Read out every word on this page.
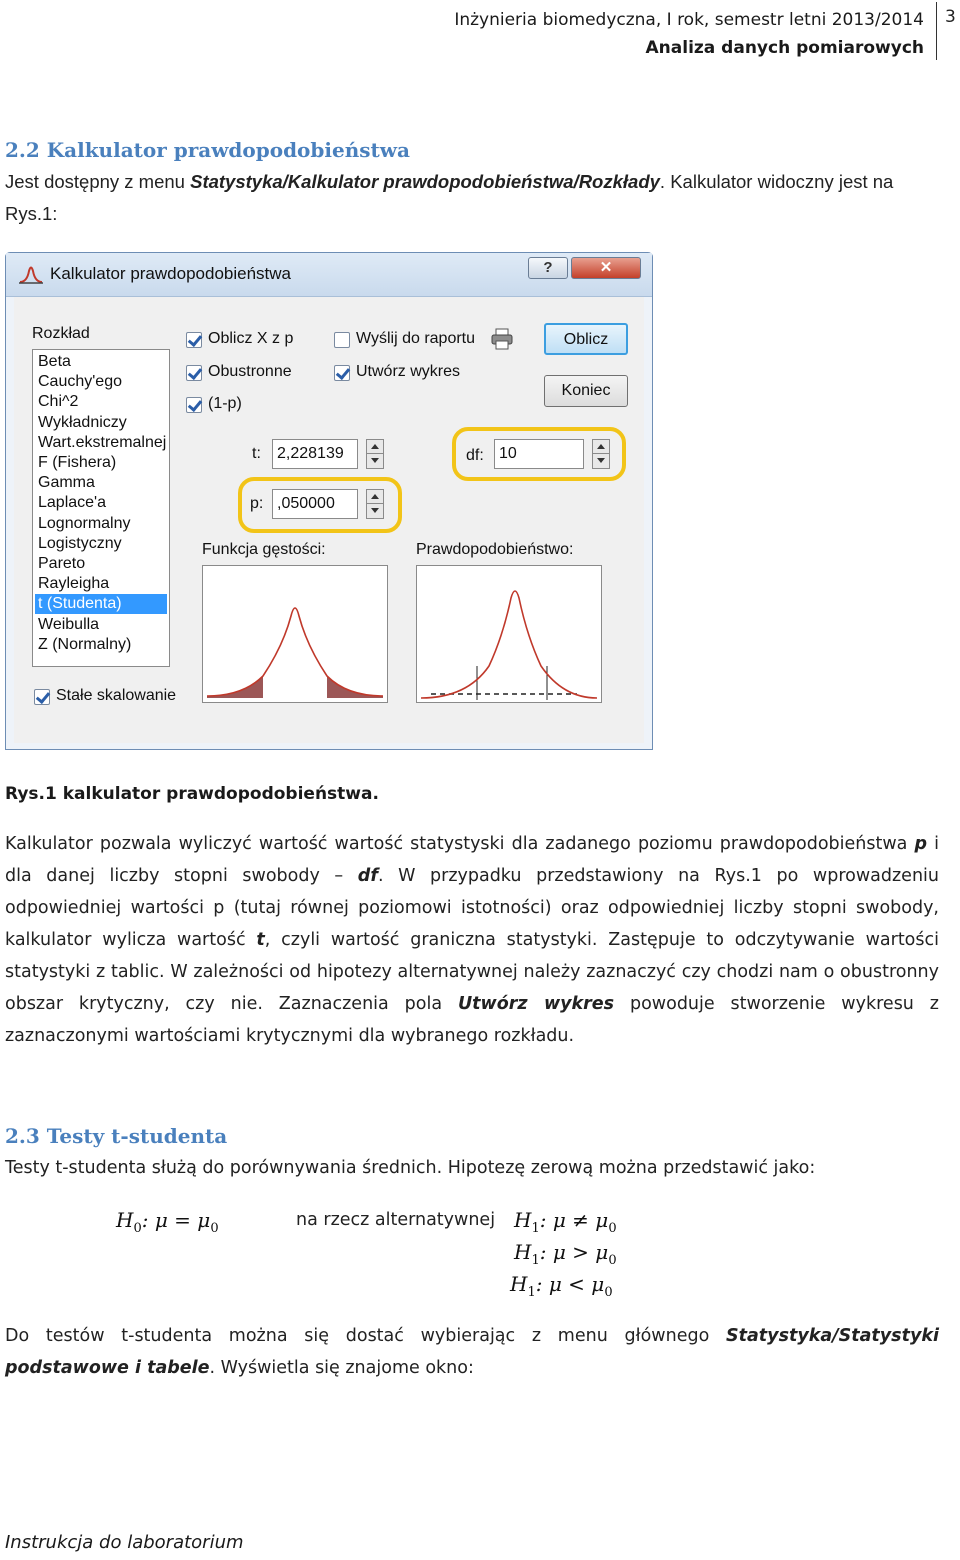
Inżynieria biomedyczna, I rok, semestr letni 2013/2014
Analiza danych pomiarowych
3
2.2 Kalkulator prawdopodobieństwa
Jest dostępny z menu Statystyka/Kalkulator prawdopodobieństwa/Rozkłady. Kalkulator widoczny jest na Rys.1:
Kalkulator prawdopodobieństwa	?	✕
Rozkład
Beta
Cauchy'ego
Chi^2
Wykładniczy
Wart.ekstremalnej
F (Fishera)
Gamma
Laplace'a
Lognormalny
Logistyczny
Pareto
Rayleigha
t (Studenta)
Weibulla
Z (Normalny)
Oblicz X z p
Obustronne
(1-p)
Wyślij do raportu
Utwórz wykres
Oblicz
Koniec
t:	2,228139	df: 10
p: ,050000
Funkcja gęstości:	Prawdopodobieństwo:
Stałe skalowanie
Rys.1 kalkulator prawdopodobieństwa.
Kalkulator pozwala wyliczyć wartość wartość statystyski dla zadanego poziomu prawdopodobieństwa p i dla danej liczby stopni swobody – df. W przypadku przedstawiony na Rys.1 po wprowadzeniu odpowiedniej wartości p (tutaj równej poziomowi istotności) oraz odpowiedniej liczby stopni swobody, kalkulator wylicza wartość t, czyli wartość graniczna statystyki. Zastępuje to odczytywanie wartości statystyki z tablic. W zależności od hipotezy alternatywnej należy zaznaczyć czy chodzi nam o obustronny obszar krytyczny, czy nie. Zaznaczenia pola Utwórz wykres powoduje stworzenie wykresu z zaznaczonymi wartościami krytycznymi dla wybranego rozkładu.
2.3 Testy t-studenta
Testy t-studenta służą do porównywania średnich. Hipotezę zerową można przedstawić jako:
$H_0$: $\mu = \mu_0$	na rzecz alternatywnej $H_1$: $\mu \ne \mu_0$
$H_1$: $\mu > \mu_0$
$H_1$: $\mu < \mu_0$
Do testów t-studenta można się dostać wybierając z menu głównego Statystyka/Statystyki podstawowe i tabele. Wyświetla się znajome okno:
Instrukcja do laboratorium
